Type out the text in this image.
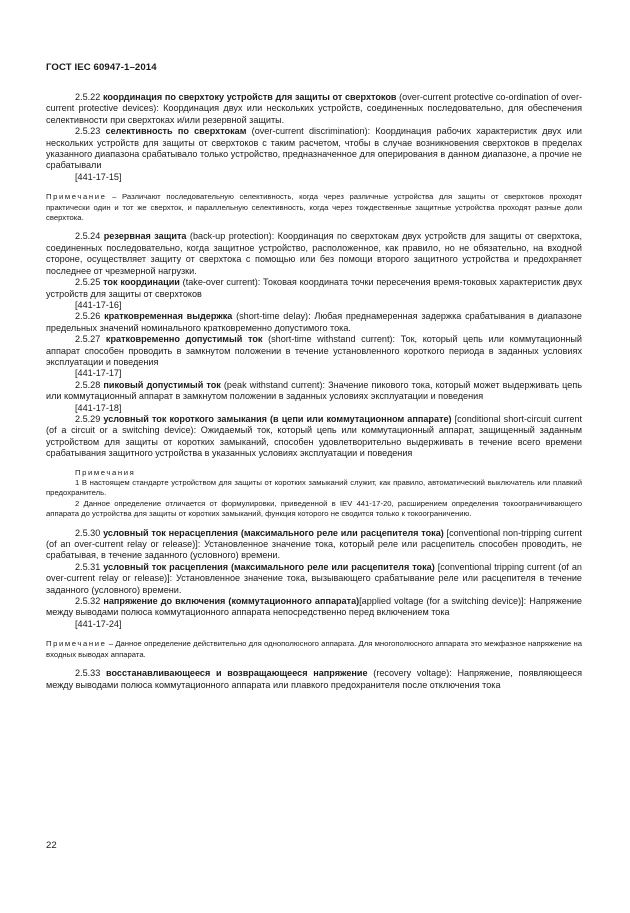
ГОСТ IEC 60947-1–2014

2.5.22 координация по сверхтоку устройств для защиты от сверхтоков (over-current protective co-ordination of over-current protective devices): Координация двух или нескольких устройств, соединенных последовательно, для обеспечения селективности при сверхтоках и/или резервной защиты.

2.5.23 селективность по сверхтокам (over-current discrimination): Координация рабочих характеристик двух или нескольких устройств для защиты от сверхтоков с таким расчетом, чтобы в случае возникновения сверхтоков в пределах указанного диапазона срабатывало только устройство, предназначенное для оперирования в данном диапазоне, а прочие не срабатывали

[441-17-15]

Примечание – Различают последовательную селективность, когда через различные устройства для защиты от сверхтоков проходят практически один и тот же сверхток, и параллельную селективность, когда через тождественные защитные устройства проходят разные доли сверхтока.

2.5.24 резервная защита (back-up protection): Координация по сверхтокам двух устройств для защиты от сверхтока, соединенных последовательно, когда защитное устройство, расположенное, как правило, но не обязательно, на входной стороне, осуществляет защиту от сверхтока с помощью или без помощи второго защитного устройства и предохраняет последнее от чрезмерной нагрузки.

2.5.25 ток координации (take-over current): Токовая координата точки пересечения время-токовых характеристик двух устройств для защиты от сверхтоков

[441-17-16]

2.5.26 кратковременная выдержка (short-time delay): Любая преднамеренная задержка срабатывания в диапазоне предельных значений номинального кратковременно допустимого тока.

2.5.27 кратковременно допустимый ток (short-time withstand current): Ток, который цепь или коммутационный аппарат способен проводить в замкнутом положении в течение установленного короткого периода в заданных условиях эксплуатации и поведения

[441-17-17]

2.5.28 пиковый допустимый ток (peak withstand current): Значение пикового тока, который может выдерживать цепь или коммутационный аппарат в замкнутом положении в заданных условиях эксплуатации и поведения

[441-17-18]

2.5.29 условный ток короткого замыкания (в цепи или коммутационном аппарате) [conditional short-circuit current (of a circuit or a switching device): Ожидаемый ток, который цепь или коммутационный аппарат, защищенный заданным устройством для защиты от коротких замыканий, способен удовлетворительно выдерживать в течение всего времени срабатывания защитного устройства в указанных условиях эксплуатации и поведения

Примечания
1 В настоящем стандарте устройством для защиты от коротких замыканий служит, как правило, автоматический выключатель или плавкий предохранитель.
2 Данное определение отличается от формулировки, приведенной в IEV 441-17-20, расширением определения токоограничивающего аппарата до устройства для защиты от коротких замыканий, функция которого не сводится только к токоограничению.

2.5.30 условный ток нерасцепления (максимального реле или расцепителя тока) [conventional non-tripping current (of an over-current relay or release)]: Установленное значение тока, который реле или расцепитель способен проводить, не срабатывая, в течение заданного (условного) времени.

2.5.31 условный ток расцепления (максимального реле или расцепителя тока) [conventional tripping current (of an over-current relay or release)]: Установленное значение тока, вызывающего срабатывание реле или расцепителя в течение заданного (условного) времени.

2.5.32 напряжение до включения (коммутационного аппарата)[applied voltage (for a switching device)]: Напряжение между выводами полюса коммутационного аппарата непосредственно перед включением тока

[441-17-24]

Примечание – Данное определение действительно для однополюсного аппарата. Для многополюсного аппарата это межфазное напряжение на входных выводах аппарата.

2.5.33 восстанавливающееся и возвращающееся напряжение (recovery voltage): Напряжение, появляющееся между выводами полюса коммутационного аппарата или плавкого предохранителя после отключения тока

22
